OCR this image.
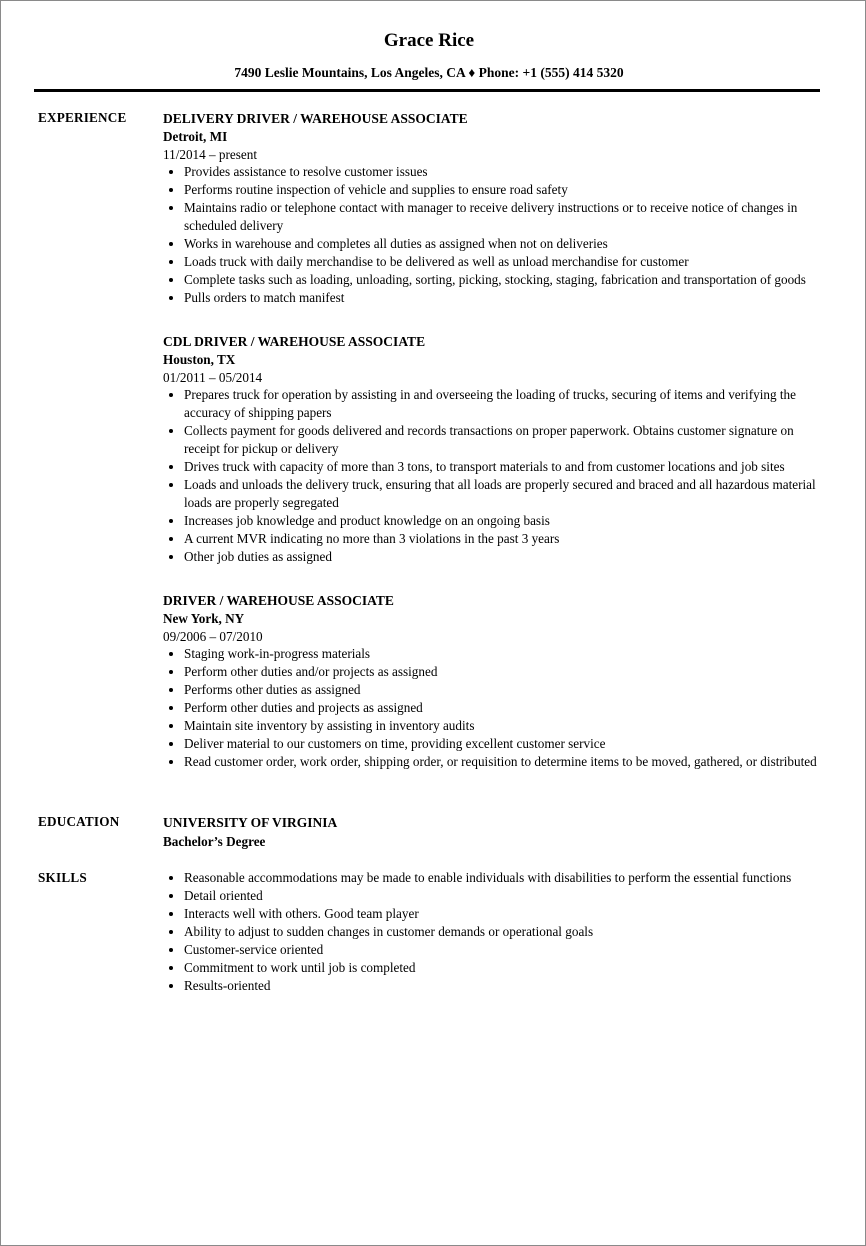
Grace Rice
7490 Leslie Mountains, Los Angeles, CA ♦ Phone: +1 (555) 414 5320
EXPERIENCE	DELIVERY DRIVER / WAREHOUSE ASSOCIATE
Detroit, MI
11/2014 – present
• Provides assistance to resolve customer issues
• Performs routine inspection of vehicle and supplies to ensure road safety
• Maintains radio or telephone contact with manager to receive delivery instructions or to receive notice of changes in scheduled delivery
• Works in warehouse and completes all duties as assigned when not on deliveries
• Loads truck with daily merchandise to be delivered as well as unload merchandise for customer
• Complete tasks such as loading, unloading, sorting, picking, stocking, staging, fabrication and transportation of goods
• Pulls orders to match manifest
CDL DRIVER / WAREHOUSE ASSOCIATE
Houston, TX
01/2011 – 05/2014
• Prepares truck for operation by assisting in and overseeing the loading of trucks, securing of items and verifying the accuracy of shipping papers
• Collects payment for goods delivered and records transactions on proper paperwork. Obtains customer signature on receipt for pickup or delivery
• Drives truck with capacity of more than 3 tons, to transport materials to and from customer locations and job sites
• Loads and unloads the delivery truck, ensuring that all loads are properly secured and braced and all hazardous material loads are properly segregated
• Increases job knowledge and product knowledge on an ongoing basis
• A current MVR indicating no more than 3 violations in the past 3 years
• Other job duties as assigned
DRIVER / WAREHOUSE ASSOCIATE
New York, NY
09/2006 – 07/2010
• Staging work-in-progress materials
• Perform other duties and/or projects as assigned
• Performs other duties as assigned
• Perform other duties and projects as assigned
• Maintain site inventory by assisting in inventory audits
• Deliver material to our customers on time, providing excellent customer service
• Read customer order, work order, shipping order, or requisition to determine items to be moved, gathered, or distributed
EDUCATION	UNIVERSITY OF VIRGINIA
Bachelor’s Degree
SKILLS	• Reasonable accommodations may be made to enable individuals with disabilities to perform the essential functions
• Detail oriented
• Interacts well with others. Good team player
• Ability to adjust to sudden changes in customer demands or operational goals
• Customer-service oriented
• Commitment to work until job is completed
• Results-oriented
